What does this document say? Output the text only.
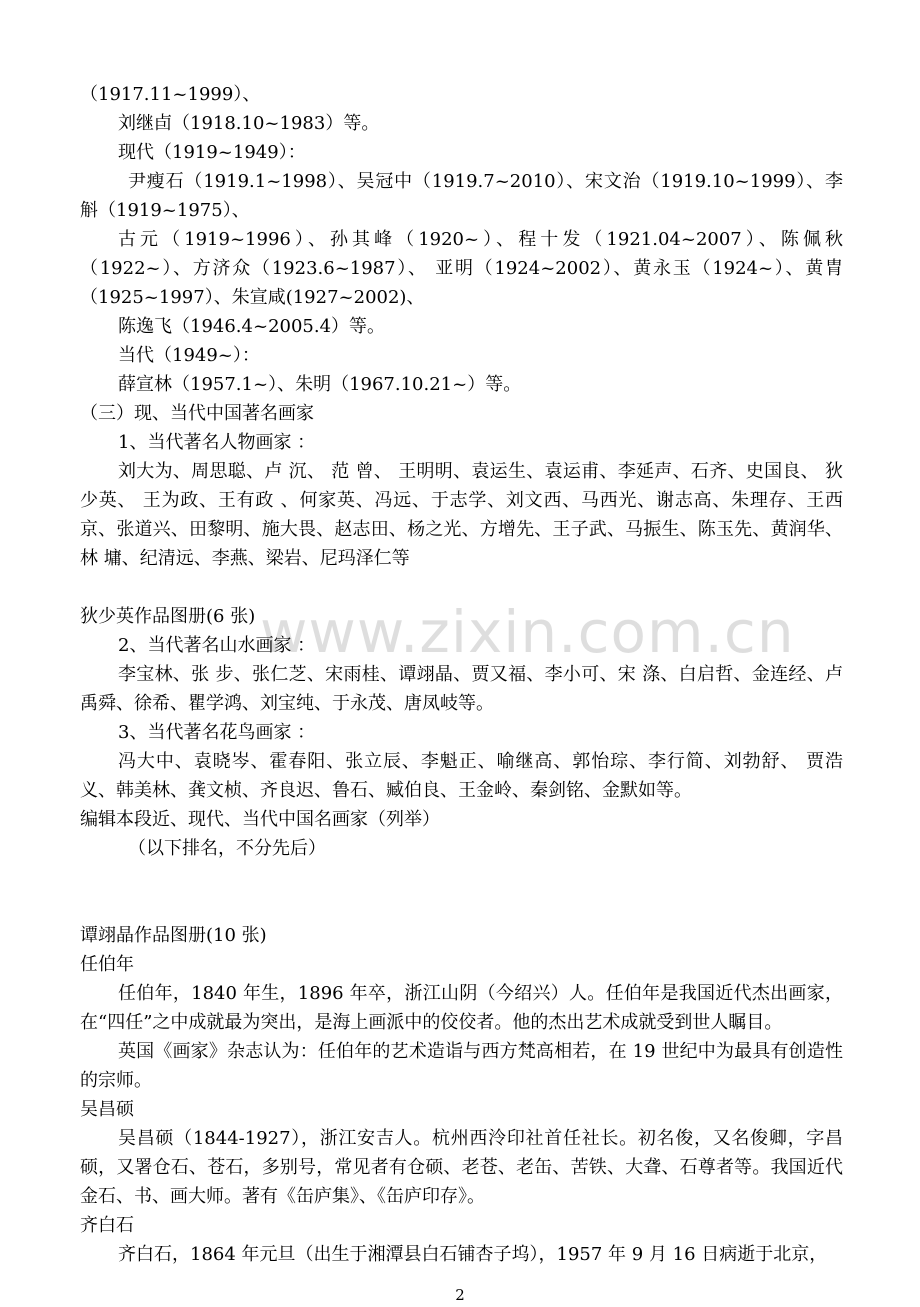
（1917.11~1999）、

刘继卣（1918.10~1983）等。

现代（1919~1949）：

尹瘦石（1919.1~1998）、吴冠中（1919.7~2010）、宋文治（1919.10~1999）、李斛（1919~1975）、

古元（1919~1996）、孙其峰（1920~）、程十发（1921.04~2007）、陈佩秋（1922~）、方济众（1923.6~1987）、 亚明（1924~2002）、黄永玉（1924~）、黄胄（1925~1997）、朱宣咸(1927~2002)、

陈逸飞（1946.4~2005.4）等。

当代（1949~）：

薛宣林（1957.1~）、朱明（1967.10.21~）等。

（三）现、当代中国著名画家

1、当代著名人物画家 ：

刘大为、周思聪、卢 沉、 范 曾、 王明明、袁运生、袁运甫、李延声、石齐、史国良、 狄少英、 王为政、王有政 、何家英、冯远、于志学、刘文西、马西光、谢志高、朱理存、王西京、张道兴、田黎明、施大畏、赵志田、杨之光、方增先、王子武、马振生、陈玉先、黄润华、林 墉、纪清远、李燕、梁岩、尼玛泽仁等

狄少英作品图册(6 张)

2、当代著名山水画家 ：

李宝林、张 步、张仁芝、宋雨桂、谭翊晶、贾又福、李小可、宋 涤、白启哲、金连经、卢禹舜、徐希、瞿学鸿、刘宝纯、于永茂、唐凤岐等。

3、当代著名花鸟画家 ：

冯大中、袁晓岑、霍春阳、张立辰、李魁正、喻继高、郭怡琮、李行简、刘勃舒、 贾浩义、韩美林、龚文桢、齐良迟、鲁石、臧伯良、王金岭、秦剑铭、金默如等。

编辑本段近、现代、当代中国名画家（列举）

（以下排名，不分先后）

谭翊晶作品图册(10 张)

任伯年

任伯年，1840 年生，1896 年卒，浙江山阴（今绍兴）人。任伯年是我国近代杰出画家，在“四任”之中成就最为突出，是海上画派中的佼佼者。他的杰出艺术成就受到世人瞩目。

英国《画家》杂志认为：任伯年的艺术造诣与西方梵高相若，在 19 世纪中为最具有创造性的宗师。

吴昌硕

吴昌硕（1844-1927），浙江安吉人。杭州西泠印社首任社长。初名俊，又名俊卿，字昌硕，又署仓石、苍石，多别号，常见者有仓硕、老苍、老缶、苦铁、大聋、石尊者等。我国近代金石、书、画大师。著有《缶庐集》、《缶庐印存》。

齐白石

齐白石，1864 年元旦（出生于湘潭县白石铺杏子坞），1957 年 9 月 16 日病逝于北京，

www.zixin.com.cn
2
